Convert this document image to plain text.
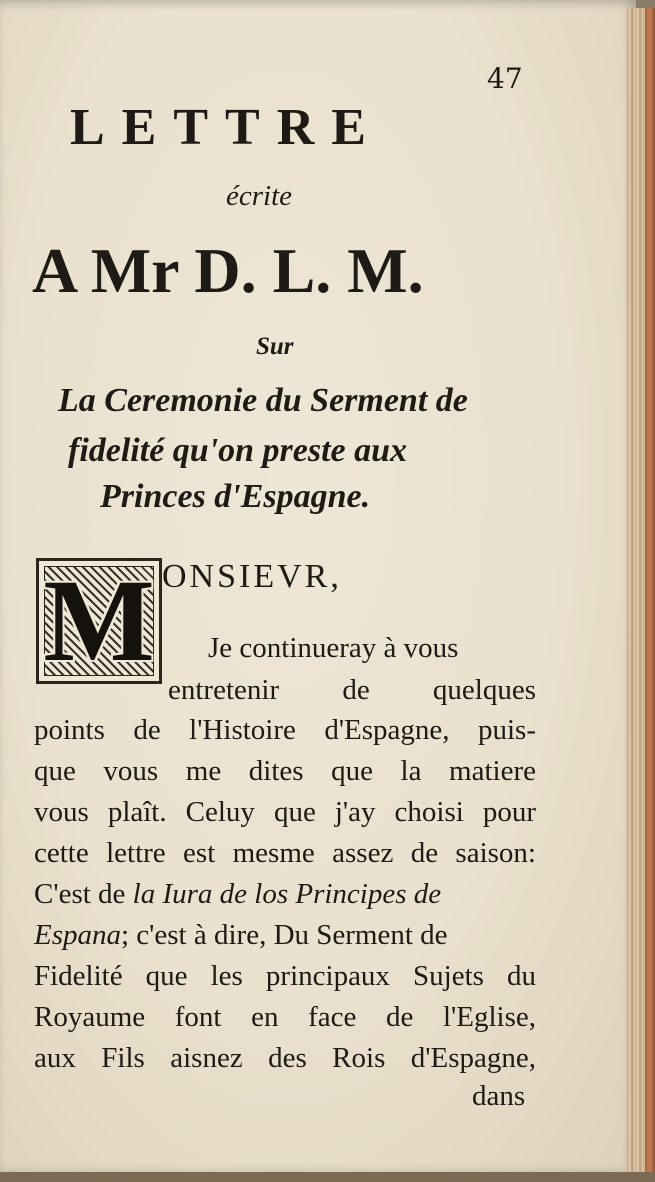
47
LETTRE
écrite
A Mr D. L. M.
Sur
La Ceremonie du Serment de
fidelité qu'on preste aux
Princes d'Espagne.
M ONSIEVR,
Je continueray à vous
entretenir de quelques
points de l'Histoire d'Espagne, puis-
que vous me dites que la matiere
vous plaît. Celuy que j'ay choisi pour
cette lettre est mesme assez de saison:
C'est de la Iura de los Principes de
Espana; c'est à dire, Du Serment de
Fidelité que les principaux Sujets du
Royaume font en face de l'Eglise,
aux Fils aisnez des Rois d'Espagne,
dans
